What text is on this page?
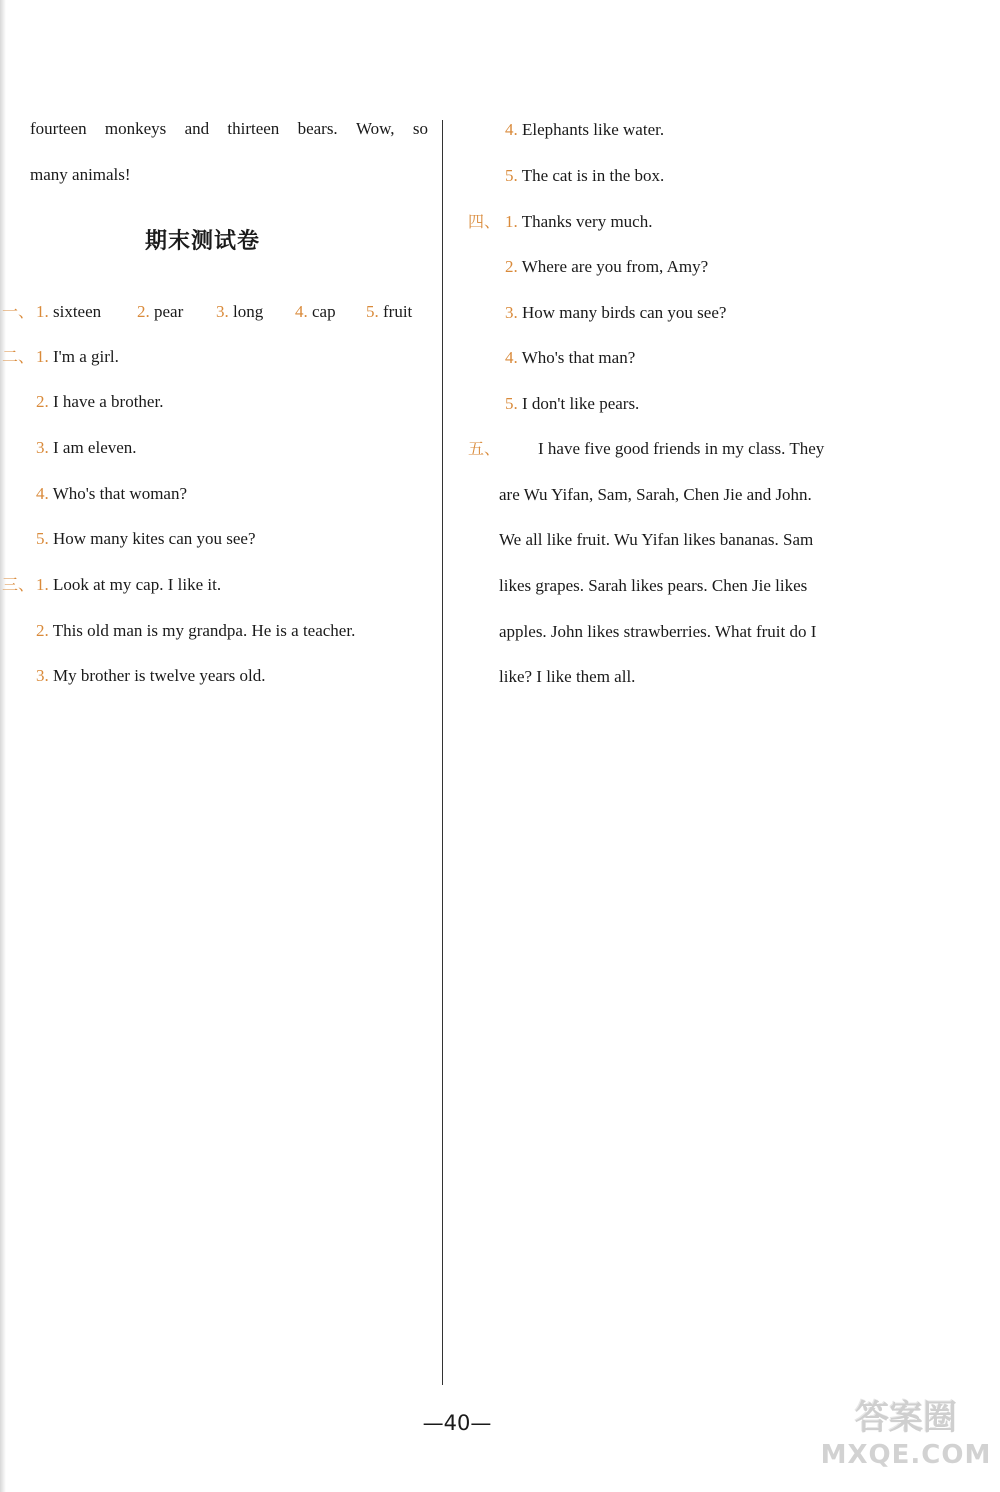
fourteen monkeys and thirteen bears. Wow, so
many animals!
期末测试卷
一、 1. sixteen 2. pear 3. long 4. cap 5. fruit
二、 1. I'm a girl.
2. I have a brother.
3. I am eleven.
4. Who's that woman?
5. How many kites can you see?
三、 1. Look at my cap. I like it.
2. This old man is my grandpa. He is a teacher.
3. My brother is twelve years old.
4. Elephants like water.
5. The cat is in the box.
四、 1. Thanks very much.
2. Where are you from, Amy?
3. How many birds can you see?
4. Who's that man?
5. I don't like pears.
五、 I have five good friends in my class. They
are Wu Yifan, Sam, Sarah, Chen Jie and John.
We all like fruit. Wu Yifan likes bananas. Sam
likes grapes. Sarah likes pears. Chen Jie likes
apples. John likes strawberries. What fruit do I
like? I like them all.
—40—	答案圈
MXQE.COM
